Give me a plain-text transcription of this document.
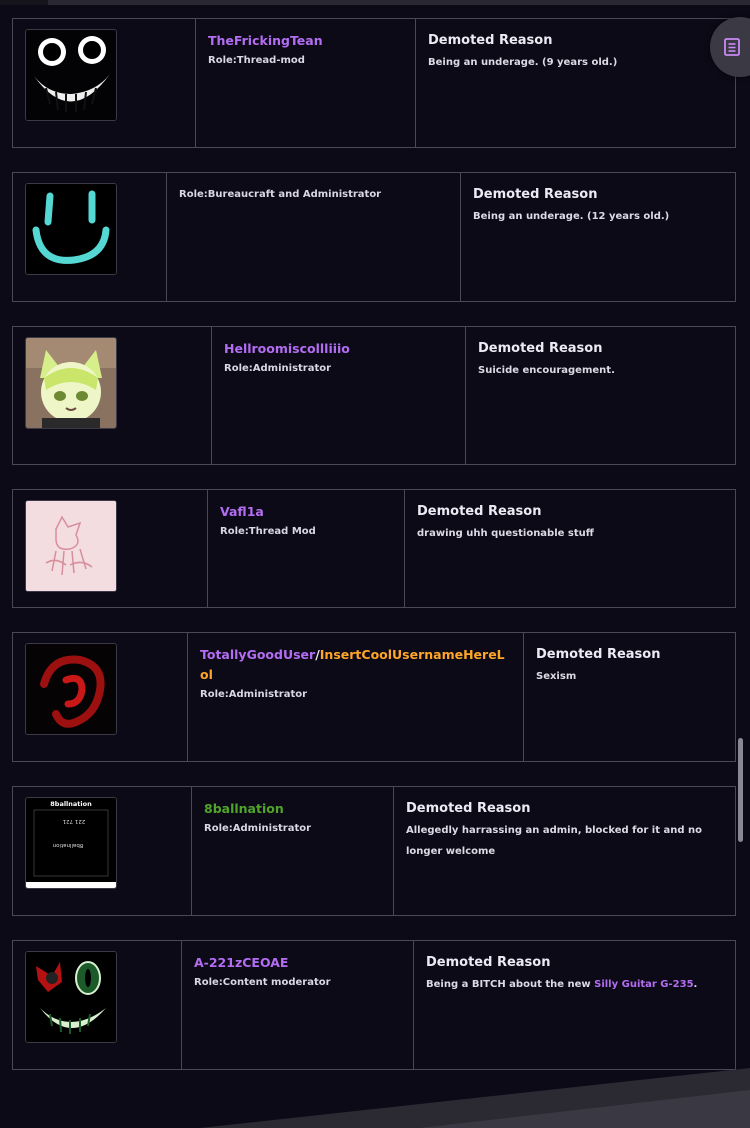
TheFrickingTean
Role:Thread-mod
Demoted Reason
Being an underage. (9 years old.)
Role:Bureaucraft and Administrator	Demoted Reason
Being an underage. (12 years old.)
Hellroomiscollliiio
Role:Administrator
Demoted Reason
Suicide encouragement.
Vafl1a
Role:Thread Mod
Demoted Reason
drawing uhh questionable stuff
TotallyGoodUser/InsertCoolUsernameHereLol
Role:Administrator
Demoted Reason
Sexism
8ballnation
221 721
8ballnation
8ballnation
Role:Administrator
Demoted Reason
Allegedly harrassing an admin, blocked for it and no longer welcome
A-221zCEOAE
Role:Content moderator
Demoted Reason
Being a BITCH about the new Silly Guitar G-235.
